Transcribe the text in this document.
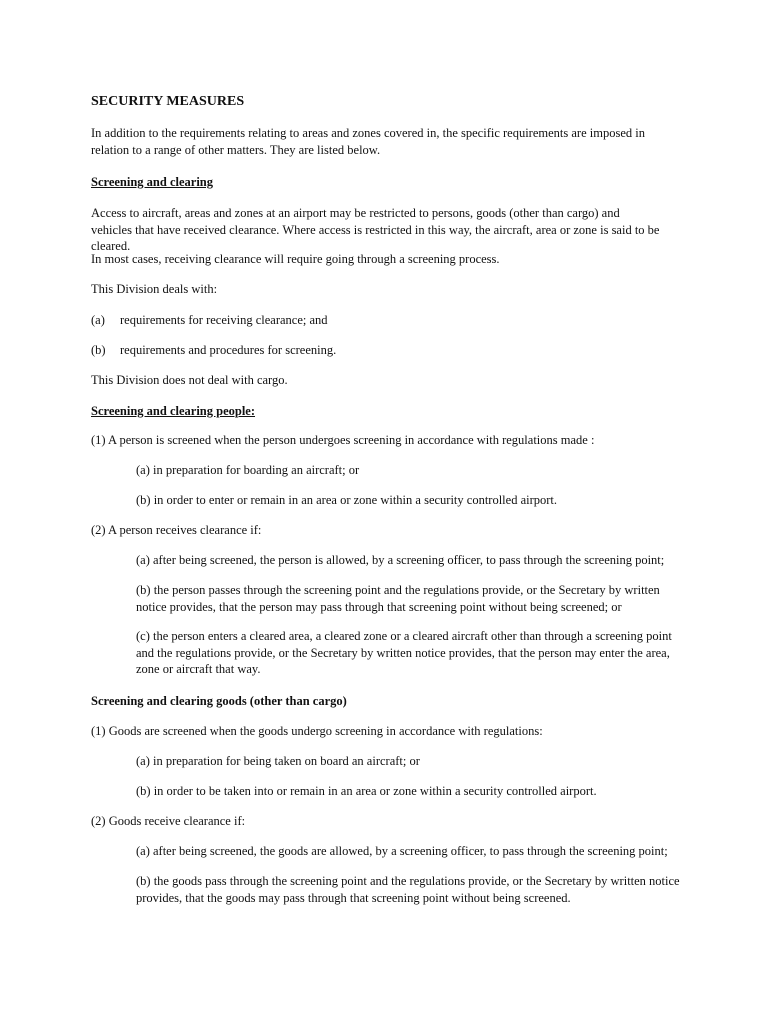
SECURITY MEASURES

In addition to the requirements relating to areas and zones covered in, the specific requirements are imposed in relation to a range of other matters. They are listed below.

Screening and clearing

Access to aircraft, areas and zones at an airport may be restricted to persons, goods (other than cargo) and vehicles that have received clearance. Where access is restricted in this way, the aircraft, area or zone is said to be cleared.

In most cases, receiving clearance will require going through a screening process.

This Division deals with:

(a) requirements for receiving clearance; and

(b) requirements and procedures for screening.

This Division does not deal with cargo.

Screening and clearing people:

(1) A person is screened when the person undergoes screening in accordance with regulations made :

(a) in preparation for boarding an aircraft; or

(b) in order to enter or remain in an area or zone within a security controlled airport.

(2) A person receives clearance if:

(a) after being screened, the person is allowed, by a screening officer, to pass through the screening point;

(b) the person passes through the screening point and the regulations provide, or the Secretary by written notice provides, that the person may pass through that screening point without being screened; or

(c) the person enters a cleared area, a cleared zone or a cleared aircraft other than through a screening point and the regulations provide, or the Secretary by written notice provides, that the person may enter the area, zone or aircraft that way.

Screening and clearing goods (other than cargo)

(1) Goods are screened when the goods undergo screening in accordance with regulations:

(a) in preparation for being taken on board an aircraft; or

(b) in order to be taken into or remain in an area or zone within a security controlled airport.

(2) Goods receive clearance if:

(a) after being screened, the goods are allowed, by a screening officer, to pass through the screening point;

(b) the goods pass through the screening point and the regulations provide, or the Secretary by written notice provides, that the goods may pass through that screening point without being screened.
